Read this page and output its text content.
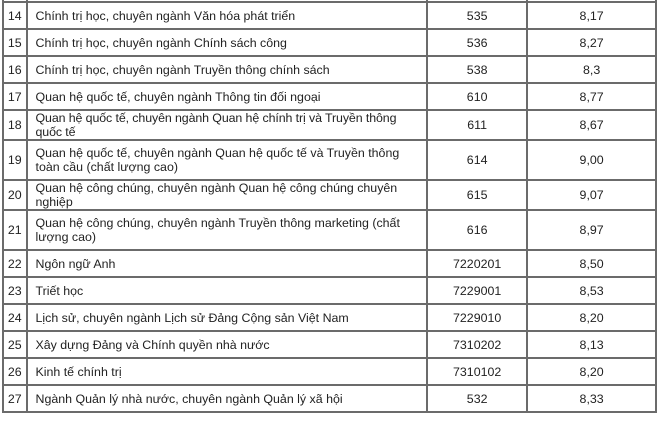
14	Chính trị học, chuyên ngành Văn hóa phát triển	535	8,17
15	Chính trị học, chuyên ngành Chính sách công	536	8,27
16	Chính trị học, chuyên ngành Truyền thông chính sách	538	8,3
17	Quan hệ quốc tế, chuyên ngành Thông tin đối ngoại	610	8,77
18	Quan hệ quốc tế, chuyên ngành Quan hệ chính trị và Truyền thông quốc tế	611	8,67
19	Quan hệ quốc tế, chuyên ngành Quan hệ quốc tế và Truyền thông toàn cầu (chất lượng cao)	614	9,00
20	Quan hệ công chúng, chuyên ngành Quan hệ công chúng chuyên nghiệp	615	9,07
21	Quan hệ công chúng, chuyên ngành Truyền thông marketing (chất lượng cao)	616	8,97
22	Ngôn ngữ Anh	7220201	8,50
23	Triết học	7229001	8,53
24	Lịch sử, chuyên ngành Lịch sử Đảng Cộng sản Việt Nam	7229010	8,20
25	Xây dựng Đảng và Chính quyền nhà nước	7310202	8,13
26	Kinh tế chính trị	7310102	8,20
27	Ngành Quản lý nhà nước, chuyên ngành Quản lý xã hội	532	8,33
